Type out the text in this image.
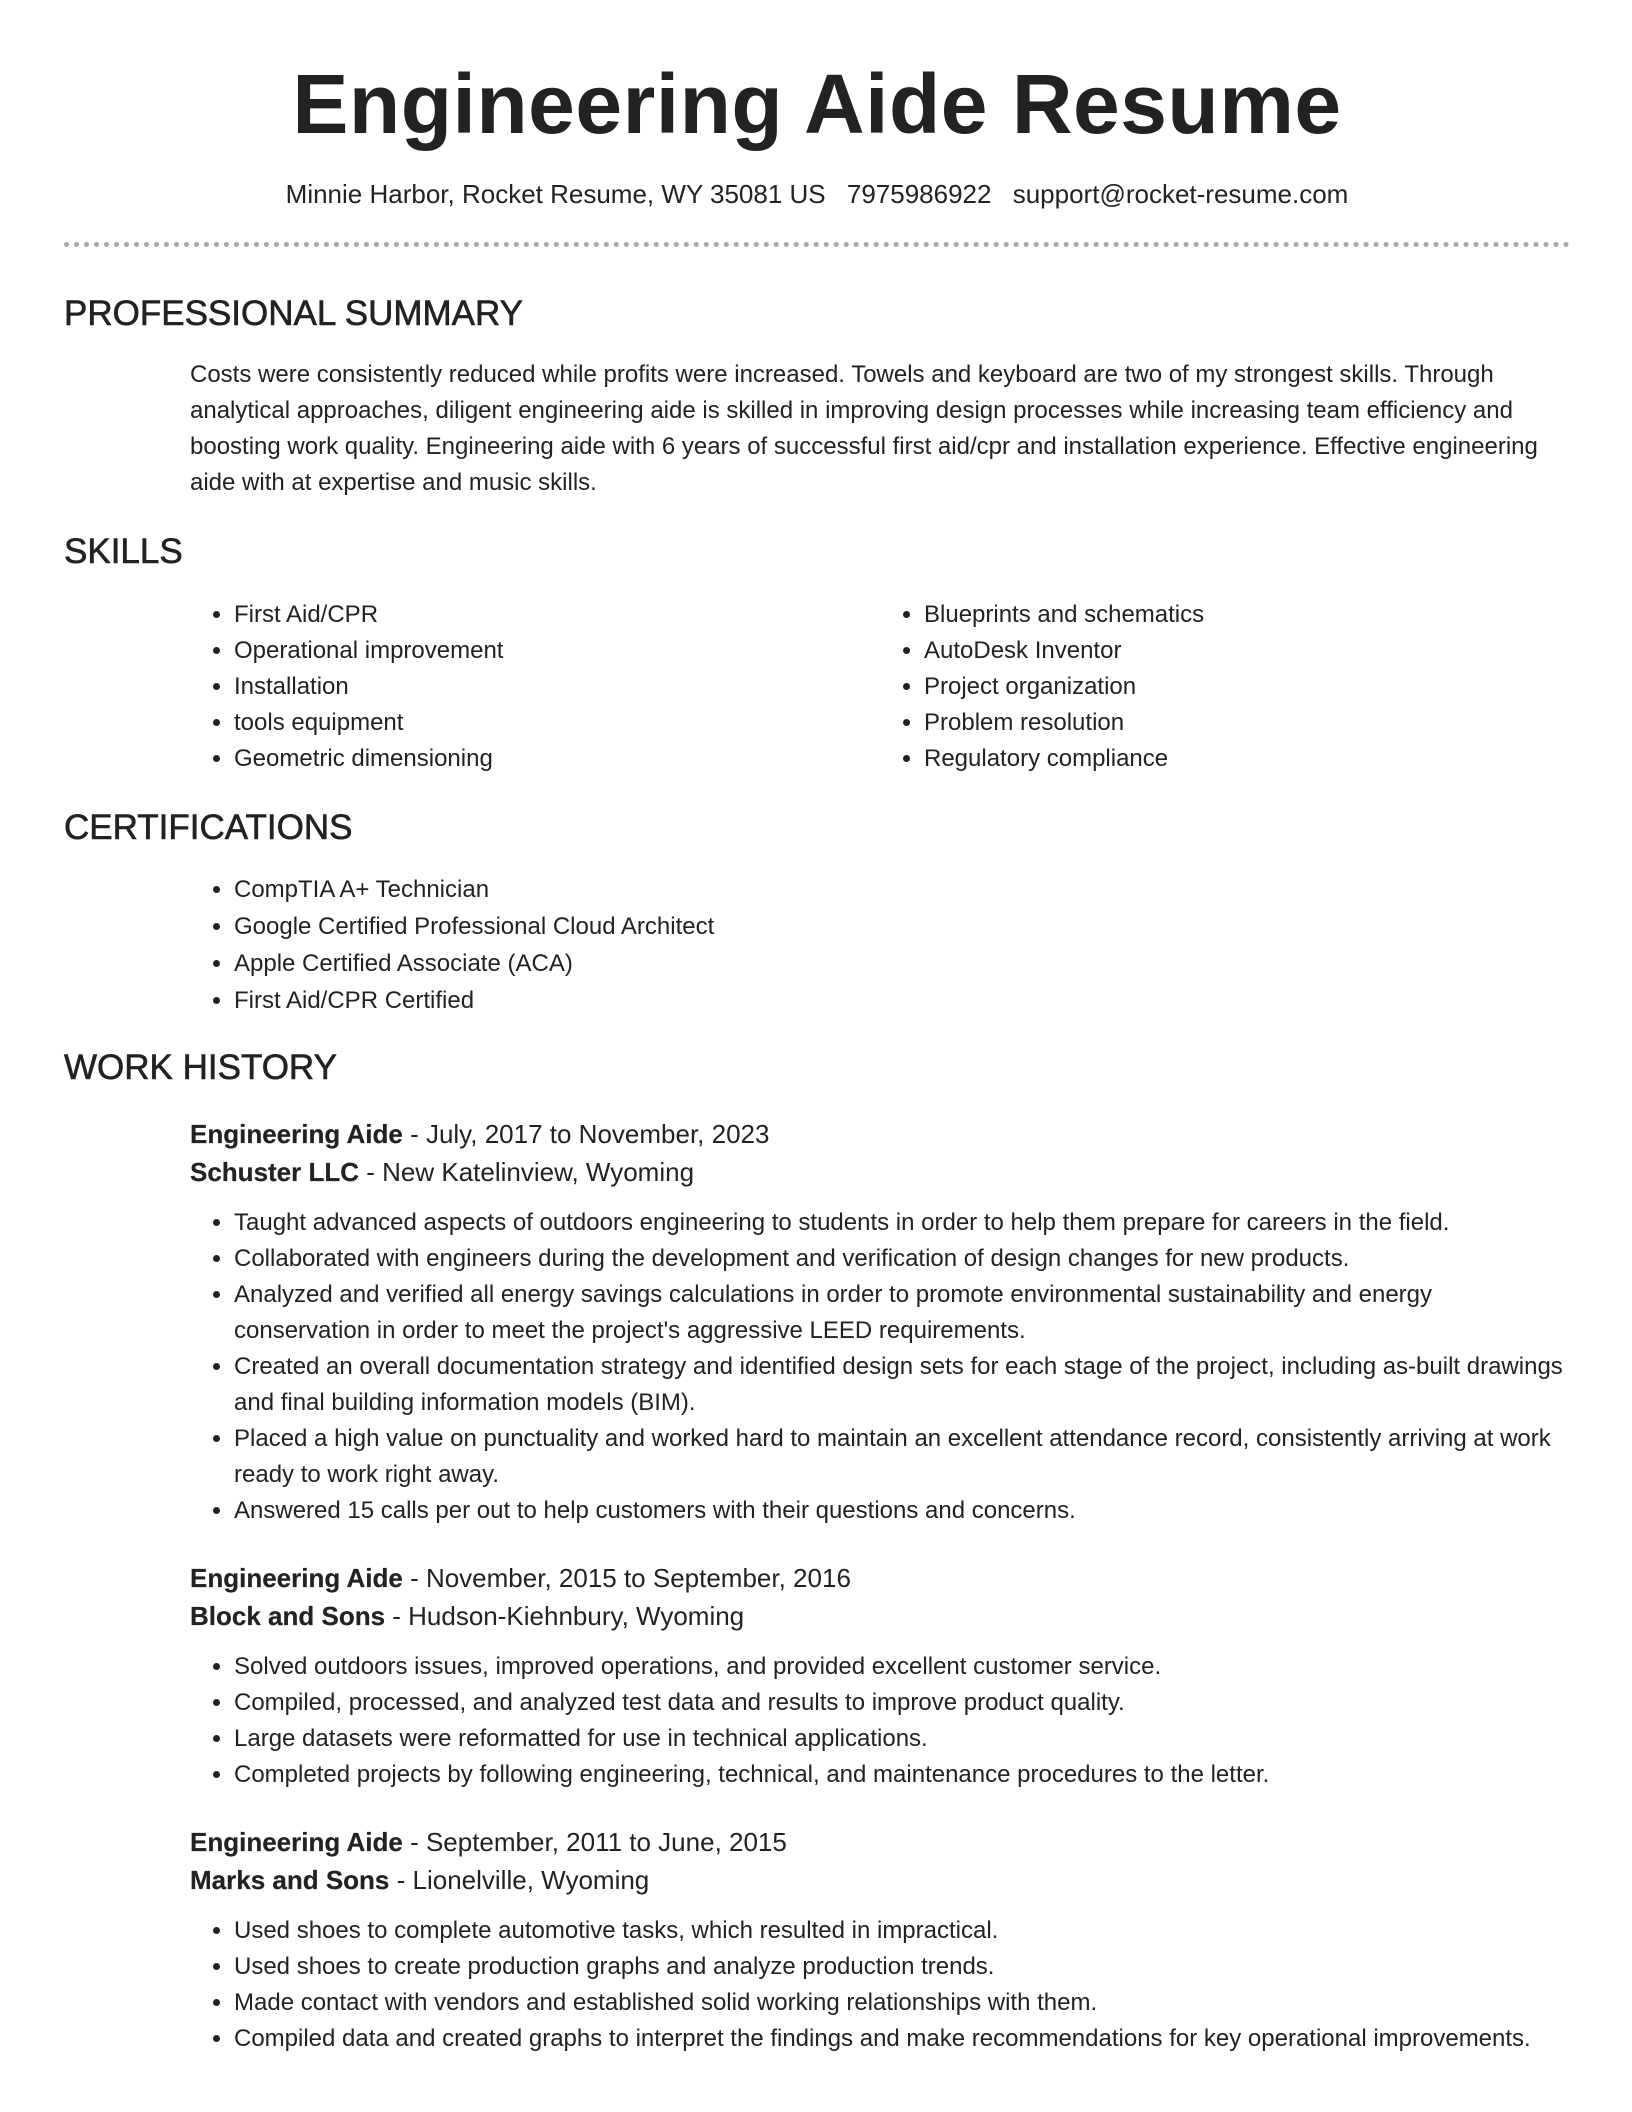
Engineering Aide Resume
Minnie Harbor, Rocket Resume, WY 35081 US 7975986922 support@rocket-resume.com
PROFESSIONAL SUMMARY

Costs were consistently reduced while profits were increased. Towels and keyboard are two of my strongest skills. Through analytical approaches, diligent engineering aide is skilled in improving design processes while increasing team efficiency and boosting work quality. Engineering aide with 6 years of successful first aid/cpr and installation experience. Effective engineering aide with at expertise and music skills.

SKILLS
• First Aid/CPR
• Operational improvement
• Installation
• tools equipment
• Geometric dimensioning
• Blueprints and schematics
• AutoDesk Inventor
• Project organization
• Problem resolution
• Regulatory compliance
CERTIFICATIONS
• CompTIA A+ Technician
• Google Certified Professional Cloud Architect
• Apple Certified Associate (ACA)
• First Aid/CPR Certified
WORK HISTORY
Engineering Aide - July, 2017 to November, 2023
Schuster LLC - New Katelinview, Wyoming
• Taught advanced aspects of outdoors engineering to students in order to help them prepare for careers in the field.
• Collaborated with engineers during the development and verification of design changes for new products.
• Analyzed and verified all energy savings calculations in order to promote environmental sustainability and energy conservation in order to meet the project's aggressive LEED requirements.
• Created an overall documentation strategy and identified design sets for each stage of the project, including as-built drawings and final building information models (BIM).
• Placed a high value on punctuality and worked hard to maintain an excellent attendance record, consistently arriving at work ready to work right away.
• Answered 15 calls per out to help customers with their questions and concerns.
Engineering Aide - November, 2015 to September, 2016
Block and Sons - Hudson-Kiehnbury, Wyoming
• Solved outdoors issues, improved operations, and provided excellent customer service.
• Compiled, processed, and analyzed test data and results to improve product quality.
• Large datasets were reformatted for use in technical applications.
• Completed projects by following engineering, technical, and maintenance procedures to the letter.
Engineering Aide - September, 2011 to June, 2015
Marks and Sons - Lionelville, Wyoming
• Used shoes to complete automotive tasks, which resulted in impractical.
• Used shoes to create production graphs and analyze production trends.
• Made contact with vendors and established solid working relationships with them.
• Compiled data and created graphs to interpret the findings and make recommendations for key operational improvements.
